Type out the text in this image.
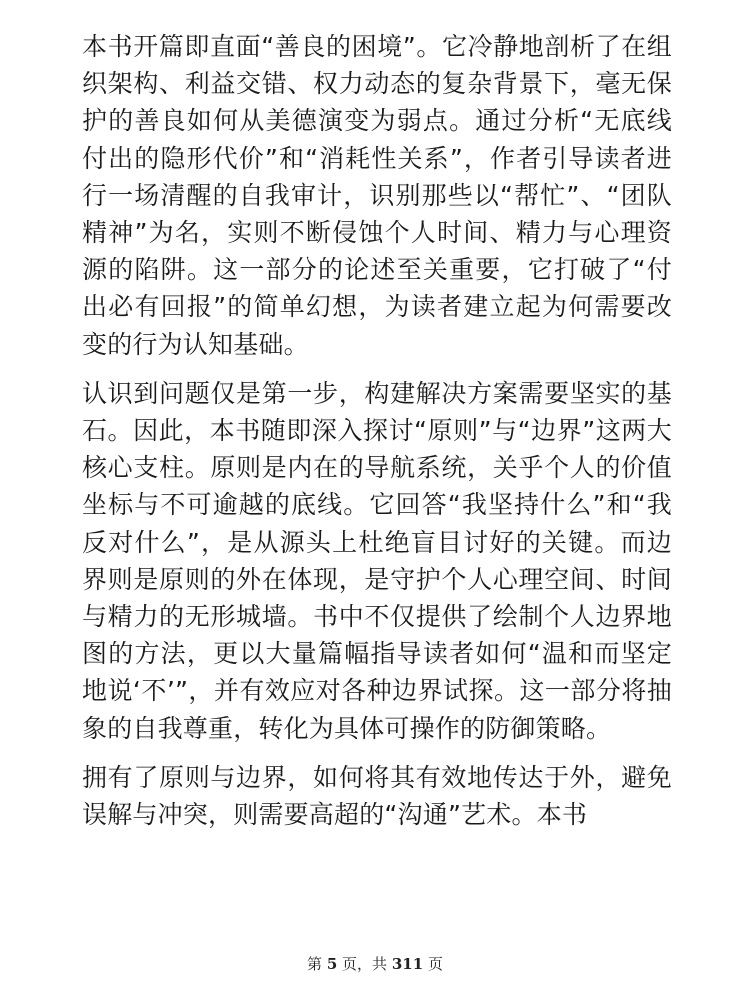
本书开篇即直面“善良的困境”。它冷静地剖析了在组织架构、利益交错、权力动态的复杂背景下，毫无保护的善良如何从美德演变为弱点。通过分析“无底线付出的隐形代价”和“消耗性关系”，作者引导读者进行一场清醒的自我审计，识别那些以“帮忙”、“团队精神”为名，实则不断侵蚀个人时间、精力与心理资源的陷阱。这一部分的论述至关重要，它打破了“付出必有回报”的简单幻想，为读者建立起为何需要改变的行为认知基础。

认识到问题仅是第一步，构建解决方案需要坚实的基石。因此，本书随即深入探讨“原则”与“边界”这两大核心支柱。原则是内在的导航系统，关乎个人的价值坐标与不可逾越的底线。它回答“我坚持什么”和“我反对什么”，是从源头上杜绝盲目讨好的关键。而边界则是原则的外在体现，是守护个人心理空间、时间与精力的无形城墙。书中不仅提供了绘制个人边界地图的方法，更以大量篇幅指导读者如何“温和而坚定地说‘不’”，并有效应对各种边界试探。这一部分将抽象的自我尊重，转化为具体可操作的防御策略。

拥有了原则与边界，如何将其有效地传达于外，避免误解与冲突，则需要高超的“沟通”艺术。本书

第 5 页，共 311 页
